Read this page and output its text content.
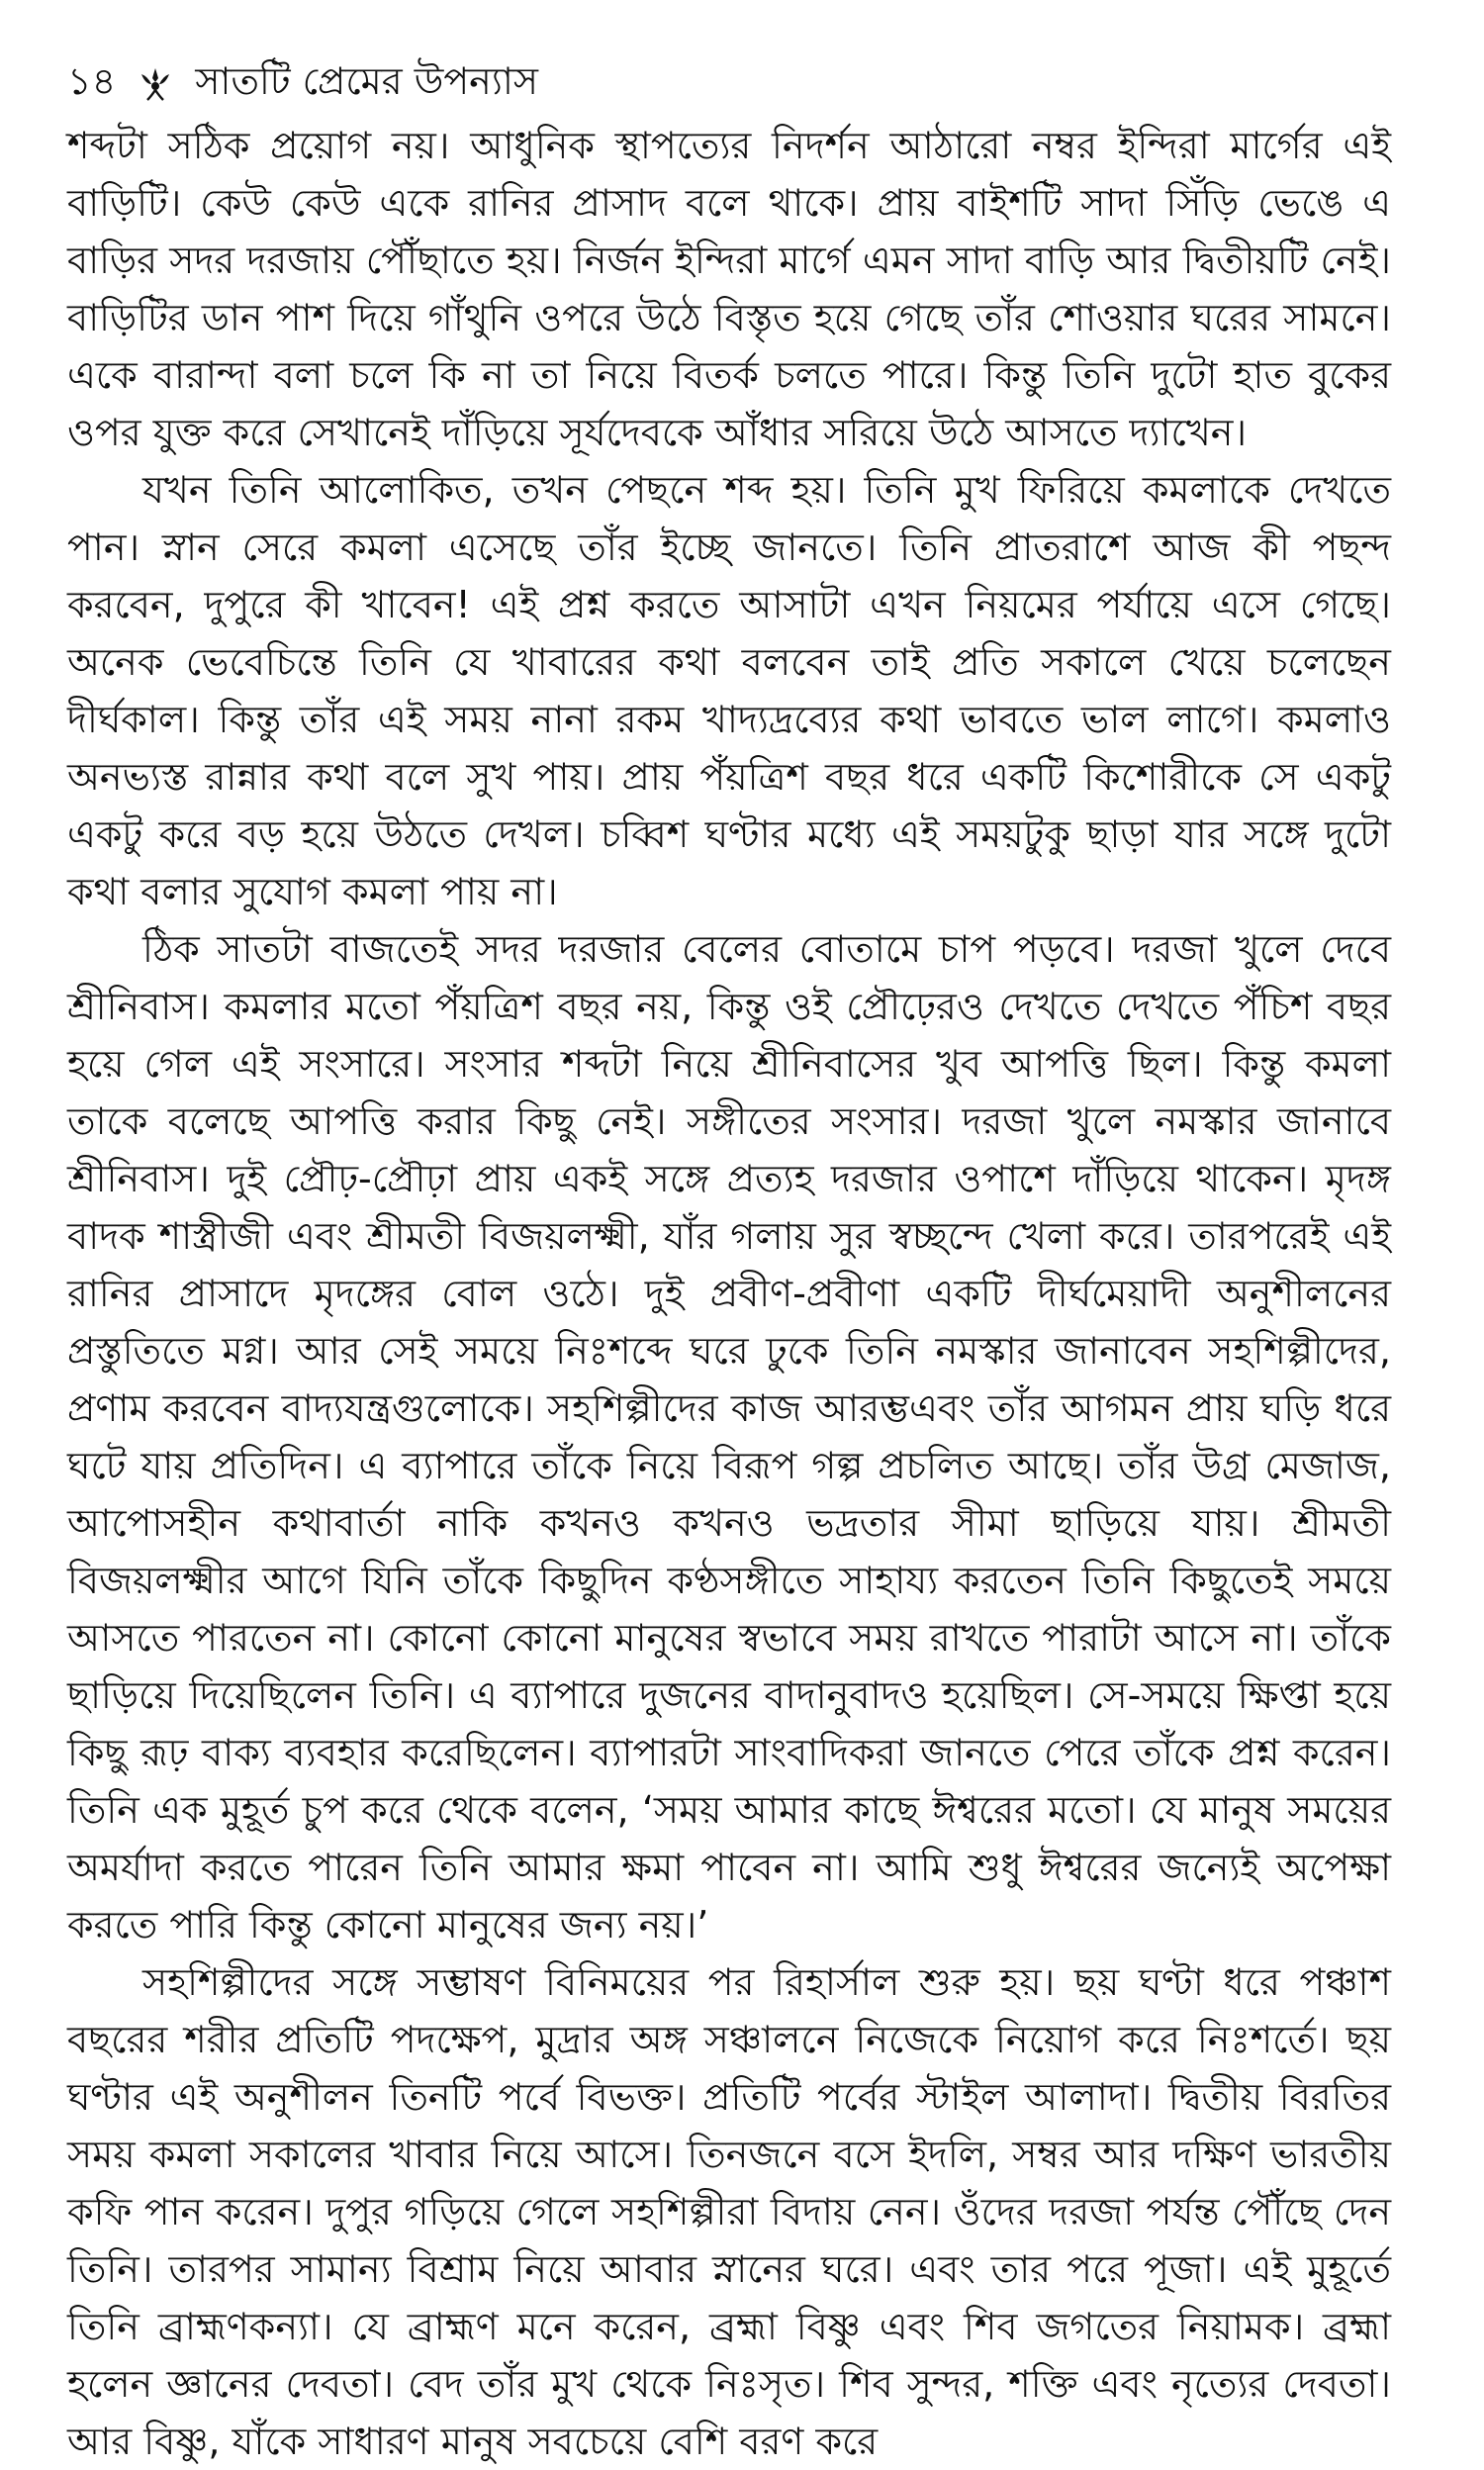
১৪ সাতটি প্রেমের উপন্যাস

শব্দটা সঠিক প্রয়োগ নয়। আধুনিক স্থাপত্যের নিদর্শন আঠারো নম্বর ইন্দিরা মার্গের এই বাড়িটি। কেউ কেউ একে রানির প্রাসাদ বলে থাকে। প্রায় বাইশটি সাদা সিঁড়ি ভেঙে এ বাড়ির সদর দরজায় পৌঁছাতে হয়। নির্জন ইন্দিরা মার্গে এমন সাদা বাড়ি আর দ্বিতীয়টি নেই। বাড়িটির ডান পাশ দিয়ে গাঁথুনি ওপরে উঠে বিস্তৃত হয়ে গেছে তাঁর শোওয়ার ঘরের সামনে। একে বারান্দা বলা চলে কি না তা নিয়ে বিতর্ক চলতে পারে। কিন্তু তিনি দুটো হাত বুকের ওপর যুক্ত করে সেখানেই দাঁড়িয়ে সূর্যদেবকে আঁধার সরিয়ে উঠে আসতে দ্যাখেন।

যখন তিনি আলোকিত, তখন পেছনে শব্দ হয়। তিনি মুখ ফিরিয়ে কমলাকে দেখতে পান। স্নান সেরে কমলা এসেছে তাঁর ইচ্ছে জানতে। তিনি প্রাতরাশে আজ কী পছন্দ করবেন, দুপুরে কী খাবেন! এই প্রশ্ন করতে আসাটা এখন নিয়মের পর্যায়ে এসে গেছে। অনেক ভেবেচিন্তে তিনি যে খাবারের কথা বলবেন তাই প্রতি সকালে খেয়ে চলেছেন দীর্ঘকাল। কিন্তু তাঁর এই সময় নানা রকম খাদ্যদ্রব্যের কথা ভাবতে ভাল লাগে। কমলাও অনভ্যস্ত রান্নার কথা বলে সুখ পায়। প্রায় পঁয়ত্রিশ বছর ধরে একটি কিশোরীকে সে একটু একটু করে বড় হয়ে উঠতে দেখল। চব্বিশ ঘণ্টার মধ্যে এই সময়টুকু ছাড়া যার সঙ্গে দুটো কথা বলার সুযোগ কমলা পায় না।

ঠিক সাতটা বাজতেই সদর দরজার বেলের বোতামে চাপ পড়বে। দরজা খুলে দেবে শ্রীনিবাস। কমলার মতো পঁয়ত্রিশ বছর নয়, কিন্তু ওই প্রৌঢ়েরও দেখতে দেখতে পঁচিশ বছর হয়ে গেল এই সংসারে। সংসার শব্দটা নিয়ে শ্রীনিবাসের খুব আপত্তি ছিল। কিন্তু কমলা তাকে বলেছে আপত্তি করার কিছু নেই। সঙ্গীতের সংসার। দরজা খুলে নমস্কার জানাবে শ্রীনিবাস। দুই প্রৌঢ়-প্রৌঢ়া প্রায় একই সঙ্গে প্রত্যহ দরজার ওপাশে দাঁড়িয়ে থাকেন। মৃদঙ্গ বাদক শাস্ত্রীজী এবং শ্রীমতী বিজয়লক্ষ্মী, যাঁর গলায় সুর স্বচ্ছন্দে খেলা করে। তারপরেই এই রানির প্রাসাদে মৃদঙ্গের বোল ওঠে। দুই প্রবীণ-প্রবীণা একটি দীর্ঘমেয়াদী অনুশীলনের প্রস্তুতিতে মগ্ন। আর সেই সময়ে নিঃশব্দে ঘরে ঢুকে তিনি নমস্কার জানাবেন সহশিল্পীদের, প্রণাম করবেন বাদ্যযন্ত্রগুলোকে। সহশিল্পীদের কাজ আরম্ভএবং তাঁর আগমন প্রায় ঘড়ি ধরে ঘটে যায় প্রতিদিন। এ ব্যাপারে তাঁকে নিয়ে বিরূপ গল্প প্রচলিত আছে। তাঁর উগ্র মেজাজ, আপোসহীন কথাবার্তা নাকি কখনও কখনও ভদ্রতার সীমা ছাড়িয়ে যায়। শ্রীমতী বিজয়লক্ষ্মীর আগে যিনি তাঁকে কিছুদিন কণ্ঠসঙ্গীতে সাহায্য করতেন তিনি কিছুতেই সময়ে আসতে পারতেন না। কোনো কোনো মানুষের স্বভাবে সময় রাখতে পারাটা আসে না। তাঁকে ছাড়িয়ে দিয়েছিলেন তিনি। এ ব্যাপারে দুজনের বাদানুবাদও হয়েছিল। সে-সময়ে ক্ষিপ্তা হয়ে কিছু রূঢ় বাক্য ব্যবহার করেছিলেন। ব্যাপারটা সাংবাদিকরা জানতে পেরে তাঁকে প্রশ্ন করেন। তিনি এক মুহূর্ত চুপ করে থেকে বলেন, ‘সময় আমার কাছে ঈশ্বরের মতো। যে মানুষ সময়ের অমর্যাদা করতে পারেন তিনি আমার ক্ষমা পাবেন না। আমি শুধু ঈশ্বরের জন্যেই অপেক্ষা করতে পারি কিন্তু কোনো মানুষের জন্য নয়।’

সহশিল্পীদের সঙ্গে সম্ভাষণ বিনিময়ের পর রিহার্সাল শুরু হয়। ছয় ঘণ্টা ধরে পঞ্চাশ বছরের শরীর প্রতিটি পদক্ষেপ, মুদ্রার অঙ্গ সঞ্চালনে নিজেকে নিয়োগ করে নিঃশর্তে। ছয় ঘণ্টার এই অনুশীলন তিনটি পর্বে বিভক্ত। প্রতিটি পর্বের স্টাইল আলাদা। দ্বিতীয় বিরতির সময় কমলা সকালের খাবার নিয়ে আসে। তিনজনে বসে ইদলি, সম্বর আর দক্ষিণ ভারতীয় কফি পান করেন। দুপুর গড়িয়ে গেলে সহশিল্পীরা বিদায় নেন। ওঁদের দরজা পর্যন্ত পৌঁছে দেন তিনি। তারপর সামান্য বিশ্রাম নিয়ে আবার স্নানের ঘরে। এবং তার পরে পূজা। এই মুহূর্তে তিনি ব্রাহ্মণকন্যা। যে ব্রাহ্মণ মনে করেন, ব্রহ্মা বিষ্ণু এবং শিব জগতের নিয়ামক। ব্রহ্মা হলেন জ্ঞানের দেবতা। বেদ তাঁর মুখ থেকে নিঃসৃত। শিব সুন্দর, শক্তি এবং নৃত্যের দেবতা। আর বিষ্ণু, যাঁকে সাধারণ মানুষ সবচেয়ে বেশি বরণ করে
